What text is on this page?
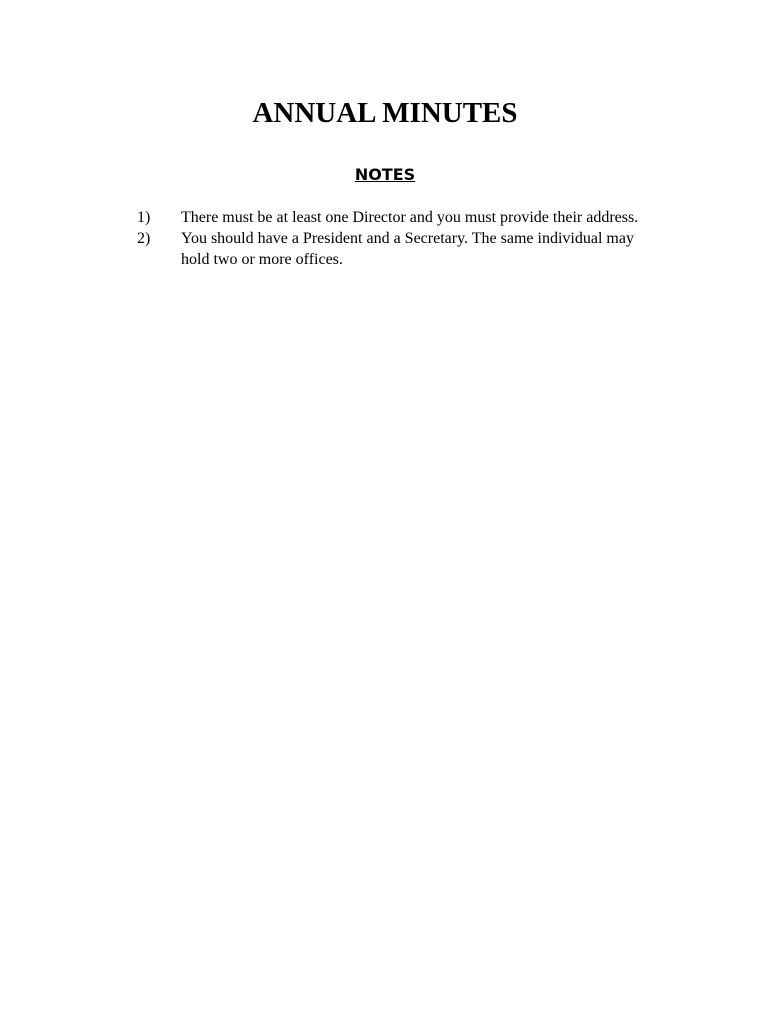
ANNUAL MINUTES
NOTES
1)	There must be at least one Director and you must provide their address.
2)	You should have a President and a Secretary. The same individual may hold two or more offices.
